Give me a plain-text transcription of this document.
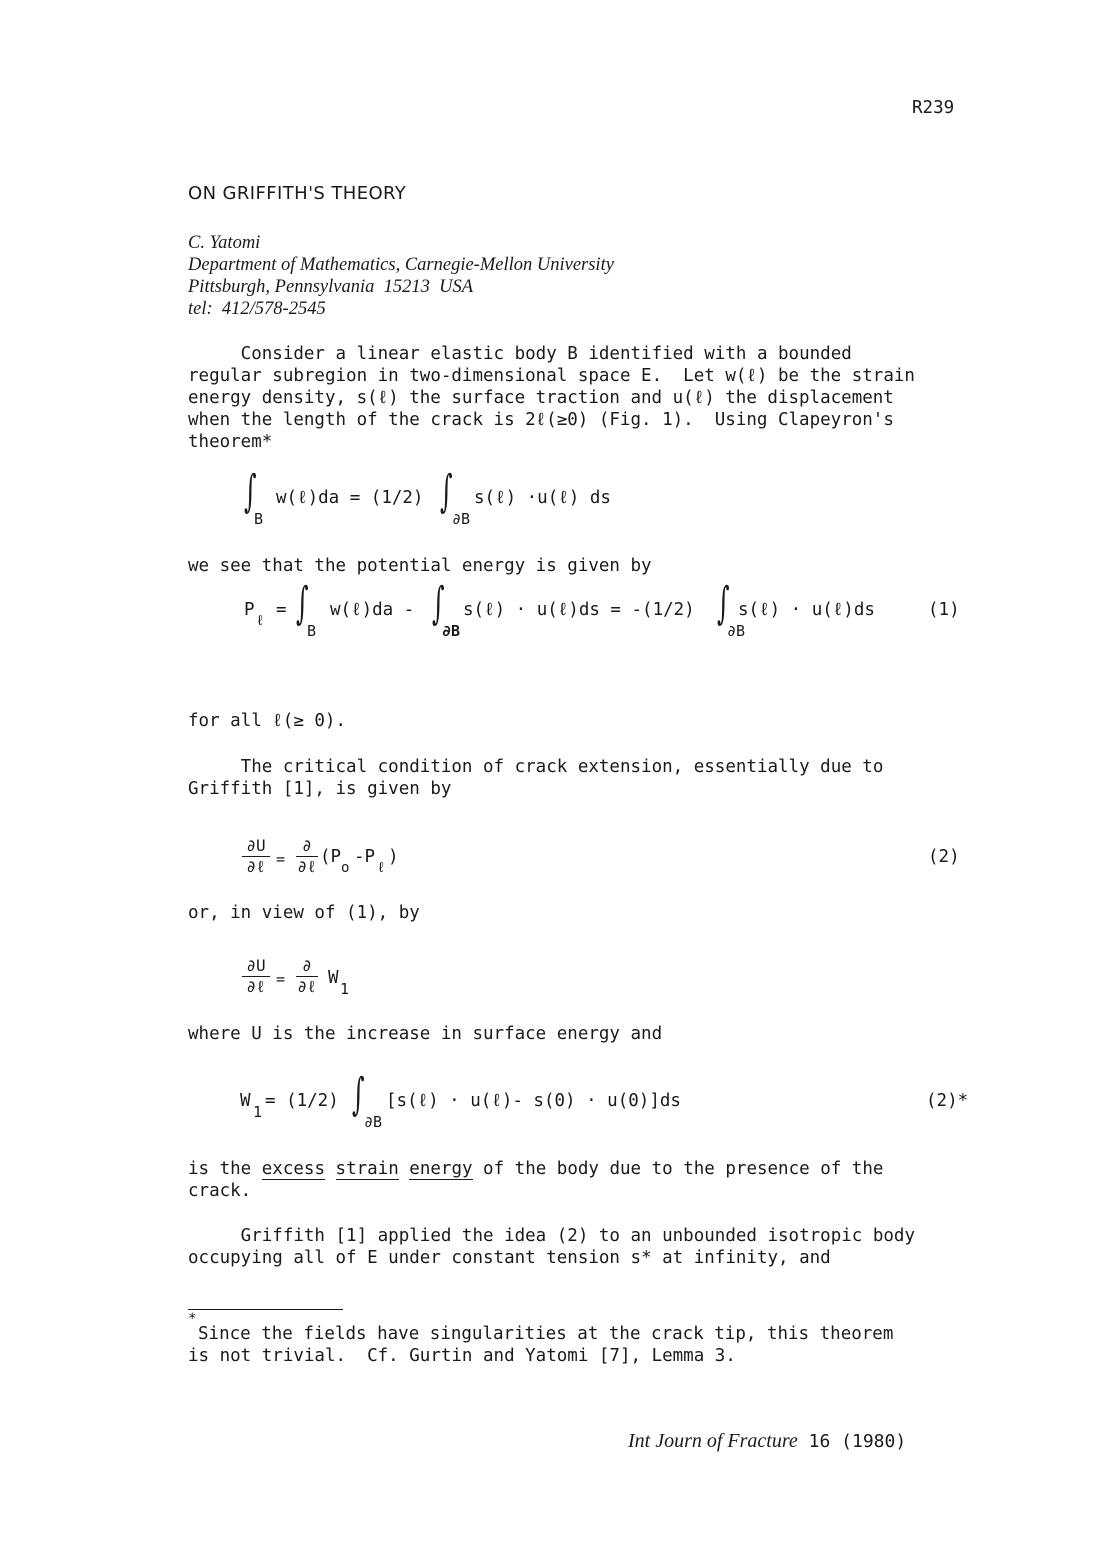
R239
ON GRIFFITH'S THEORY
C. Yatomi
Department of Mathematics, Carnegie-Mellon University
Pittsburgh, Pennsylvania  15213  USA
tel:  412/578-2545
Consider a linear elastic body B identified with a bounded
regular subregion in two-dimensional space E.  Let w(ℓ) be the strain
energy density, s(ℓ) the surface traction and u(ℓ) the displacement
when the length of the crack is 2ℓ(≥0) (Fig. 1).  Using Clapeyron's
theorem*
∫
B
w(ℓ)da = (1/2) ∫
∂B
s(ℓ) ·u(ℓ) ds
we see that the potential energy is given by
P
ℓ
= ∫
B
w(ℓ)da - ∫
∂B
s(ℓ) · u(ℓ)ds = -(1/2) ∫
∂B
s(ℓ) · u(ℓ)ds	(1)
for all ℓ(≥ 0).
The critical condition of crack extension, essentially due to
Griffith [1], is given by
∂U
∂ℓ =
∂
∂ℓ (P
o
-P
ℓ
)	(2)
or, in view of (1), by
∂U
∂ℓ =
∂
∂ℓ W
1
where U is the increase in surface energy and
W
1
= (1/2) ∫
∂B
[s(ℓ) · u(ℓ)- s(0) · u(0)]ds	(2)*
is the excess strain energy of the body due to the presence of the
crack.
Griffith [1] applied the idea (2) to an unbounded isotropic body
occupying all of E under constant tension s* at infinity, and
*
Since the fields have singularities at the crack tip, this theorem
is not trivial.  Cf. Gurtin and Yatomi [7], Lemma 3.
Int Journ of Fracture 16 (1980)
